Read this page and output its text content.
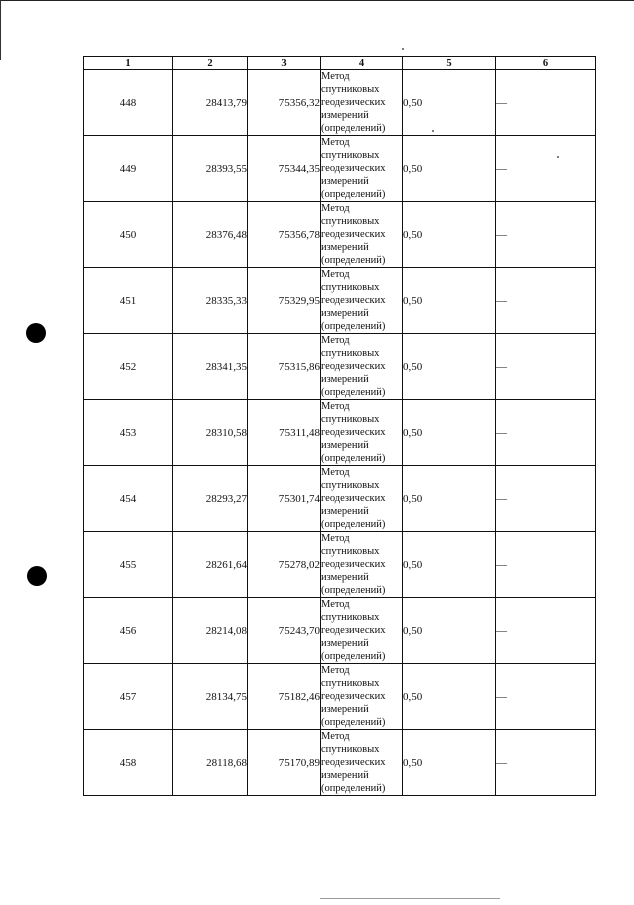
1	2	3	4	5	6
448	28413,79	75356,32	Метод
спутниковых
геодезических
измерений
(определений)	0,50	—
449	28393,55	75344,35	Метод
спутниковых
геодезических
измерений
(определений)	0,50	—
450	28376,48	75356,78	Метод
спутниковых
геодезических
измерений
(определений)	0,50	—
451	28335,33	75329,95	Метод
спутниковых
геодезических
измерений
(определений)	0,50	—
452	28341,35	75315,86	Метод
спутниковых
геодезических
измерений
(определений)	0,50	—
453	28310,58	75311,48	Метод
спутниковых
геодезических
измерений
(определений)	0,50	—
454	28293,27	75301,74	Метод
спутниковых
геодезических
измерений
(определений)	0,50	—
455	28261,64	75278,02	Метод
спутниковых
геодезических
измерений
(определений)	0,50	—
456	28214,08	75243,70	Метод
спутниковых
геодезических
измерений
(определений)	0,50	—
457	28134,75	75182,46	Метод
спутниковых
геодезических
измерений
(определений)	0,50	—
458	28118,68	75170,89	Метод
спутниковых
геодезических
измерений
(определений)	0,50	—
